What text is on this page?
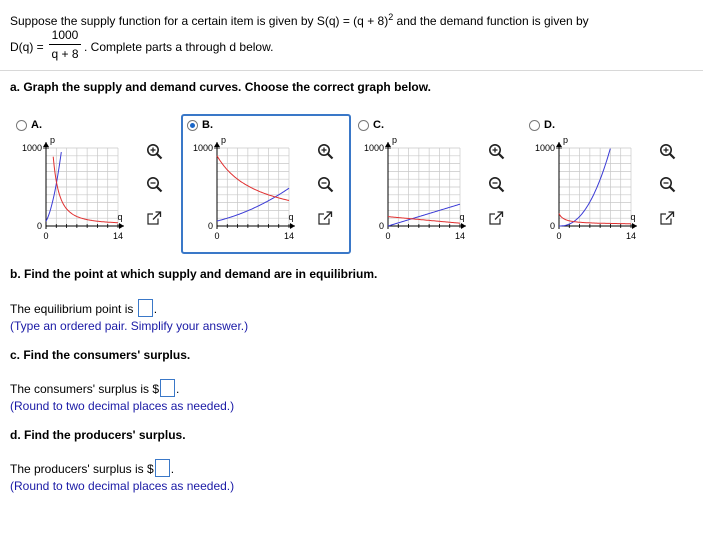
Suppose the supply function for a certain item is given by $S(q) = (q + 8)^2$ and the demand function is given by
D(q) =
1000
q + 8 . Complete parts a through d below.
a. Graph the supply and demand curves. Choose the correct graph below.
A.
1000
0
0	14
p
q
B.
1000
0
0	14
p
q
C.
1000
0
0	14
p
q
D.
1000
0
0	14
p
q
b. Find the point at which supply and demand are in equilibrium.
The equilibrium point is .
(Type an ordered pair. Simplify your answer.)
c. Find the consumers' surplus.
The consumers' surplus is $ .
(Round to two decimal places as needed.)
d. Find the producers' surplus.
The producers' surplus is $ .
(Round to two decimal places as needed.)
